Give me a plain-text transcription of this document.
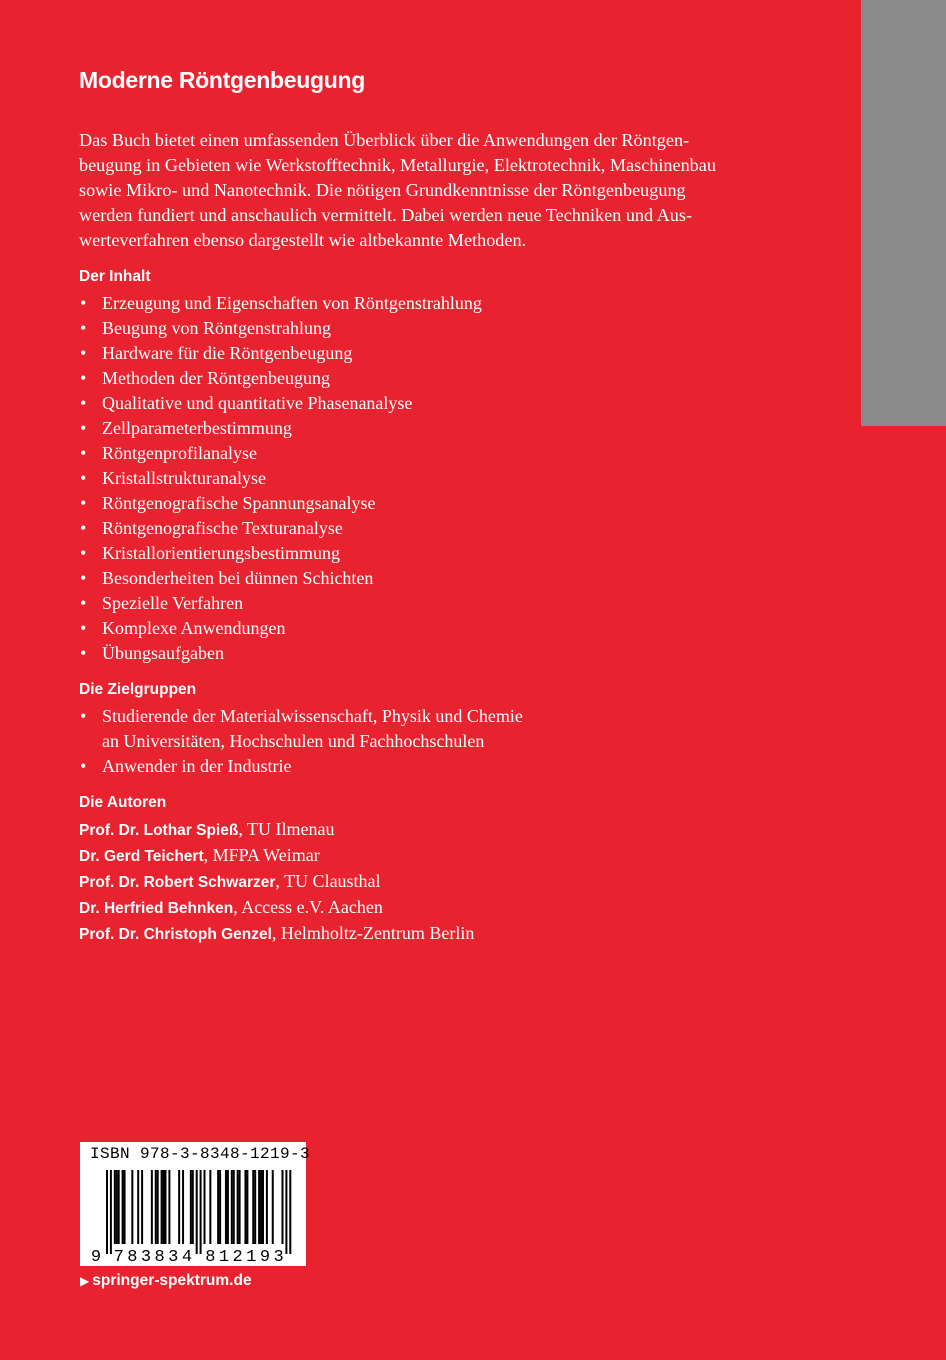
Moderne Röntgenbeugung

Das Buch bietet einen umfassenden Überblick über die Anwendungen der Röntgen-
beugung in Gebieten wie Werkstofftechnik, Metallurgie, Elektrotechnik, Maschinenbau
sowie Mikro- und Nanotechnik. Die nötigen Grundkenntnisse der Röntgenbeugung
werden fundiert und anschaulich vermittelt. Dabei werden neue Techniken und Aus-
werteverfahren ebenso dargestellt wie altbekannte Methoden.

Der Inhalt
• Erzeugung und Eigenschaften von Röntgenstrahlung
• Beugung von Röntgenstrahlung
• Hardware für die Röntgenbeugung
• Methoden der Röntgenbeugung
• Qualitative und quantitative Phasenanalyse
• Zellparameterbestimmung
• Röntgenprofilanalyse
• Kristallstrukturanalyse
• Röntgenografische Spannungsanalyse
• Röntgenografische Texturanalyse
• Kristallorientierungsbestimmung
• Besonderheiten bei dünnen Schichten
• Spezielle Verfahren
• Komplexe Anwendungen
• Übungsaufgaben
Die Zielgruppen
• Studierende der Materialwissenschaft, Physik und Chemie
an Universitäten, Hochschulen und Fachhochschulen
• Anwender in der Industrie
Die Autoren
Prof. Dr. Lothar Spieß, TU Ilmenau
Dr. Gerd Teichert, MFPA Weimar
Prof. Dr. Robert Schwarzer, TU Clausthal
Dr. Herfried Behnken, Access e.V. Aachen
Prof. Dr. Christoph Genzel, Helmholtz-Zentrum Berlin
ISBN 978-3-8348-1219-3
9 7 8 3 8 3 4 8 1 2 1 9 3
▶ springer-spektrum.de
